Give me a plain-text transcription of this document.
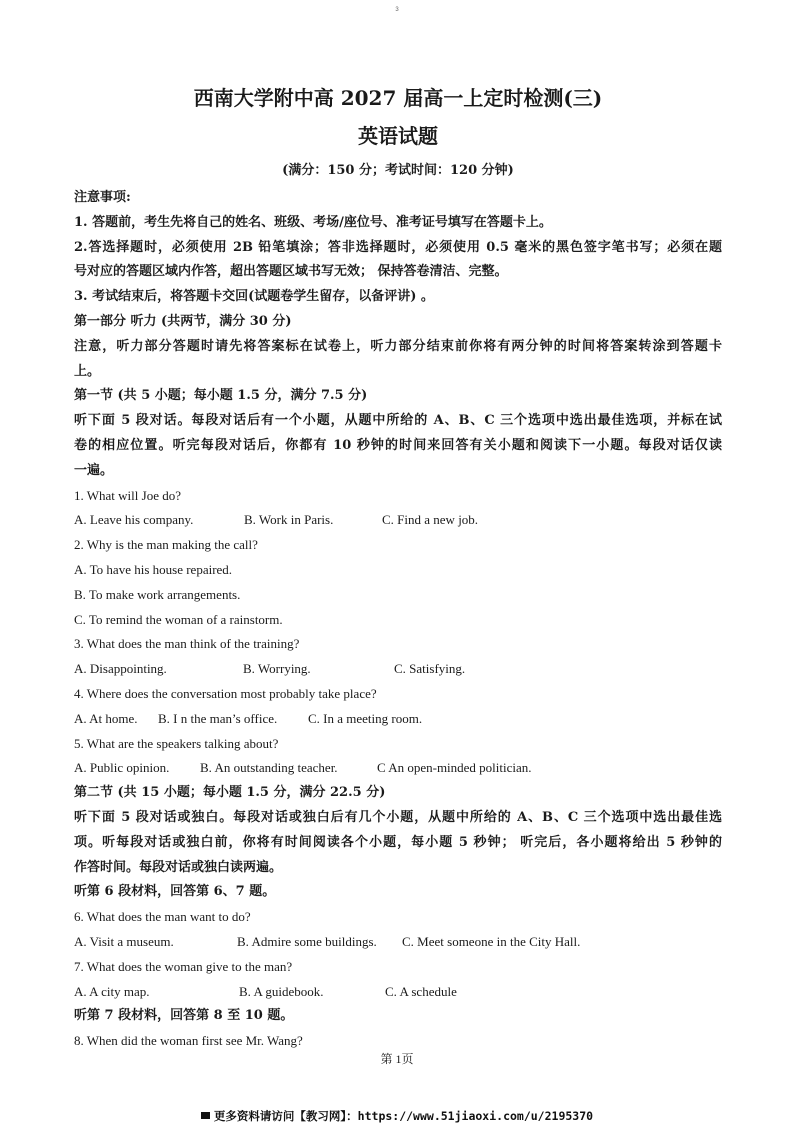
3
西南大学附中高 2027 届高一上定时检测(三)
英语试题

(满分：150 分；考试时间：120 分钟)

注意事项:

1. 答题前，考生先将自己的姓名、班级、考场/座位号、准考证号填写在答题卡上。

2.答选择题时，必须使用 2B 铅笔填涂；答非选择题时，必须使用 0.5 毫米的黑色签字笔书写；必须在题

号对应的答题区域内作答，超出答题区域书写无效； 保持答卷清洁、完整。

3. 考试结束后，将答题卡交回(试题卷学生留存，以备评讲) 。

第一部分 听力 (共两节，满分 30 分)

注意，听力部分答题时请先将答案标在试卷上，听力部分结束前你将有两分钟的时间将答案转涂到答题卡

上。

第一节 (共 5 小题；每小题 1.5 分，满分 7.5 分)

听下面 5 段对话。每段对话后有一个小题，从题中所给的 A、B、C 三个选项中选出最佳选项，并标在试

卷的相应位置。听完每段对话后，你都有 10 秒钟的时间来回答有关小题和阅读下一小题。每段对话仅读

一遍。

1. What will Joe do?

A. Leave his company.	B. Work in Paris.	C. Find a new job.

2. Why is the man making the call?

A. To have his house repaired.

B. To make work arrangements.

C. To remind the woman of a rainstorm.

3. What does the man think of the training?

A. Disappointing.	B. Worrying.	C. Satisfying.

4. Where does the conversation most probably take place?

A. At home.	B. I n the man’s office.	C. In a meeting room.

5. What are the speakers talking about?

A. Public opinion.	B. An outstanding teacher.	C An open-minded politician.

第二节 (共 15 小题；每小题 1.5 分，满分 22.5 分)

听下面 5 段对话或独白。每段对话或独白后有几个小题，从题中所给的 A、B、C 三个选项中选出最佳选

项。听每段对话或独白前，你将有时间阅读各个小题，每小题 5 秒钟； 听完后，各小题将给出 5 秒钟的

作答时间。每段对话或独白读两遍。

听第 6 段材料，回答第 6、7 题。

6. What does the man want to do?

A. Visit a museum.	B. Admire some buildings.	C. Meet someone in the City Hall.

7. What does the woman give to the man?

A. A city map.	B. A guidebook.	C. A schedule

听第 7 段材料，回答第 8 至 10 题。

8. When did the woman first see Mr. Wang?

第 1页
更多资料请访问【教习网】：https://www.51jiaoxi.com/u/2195370
